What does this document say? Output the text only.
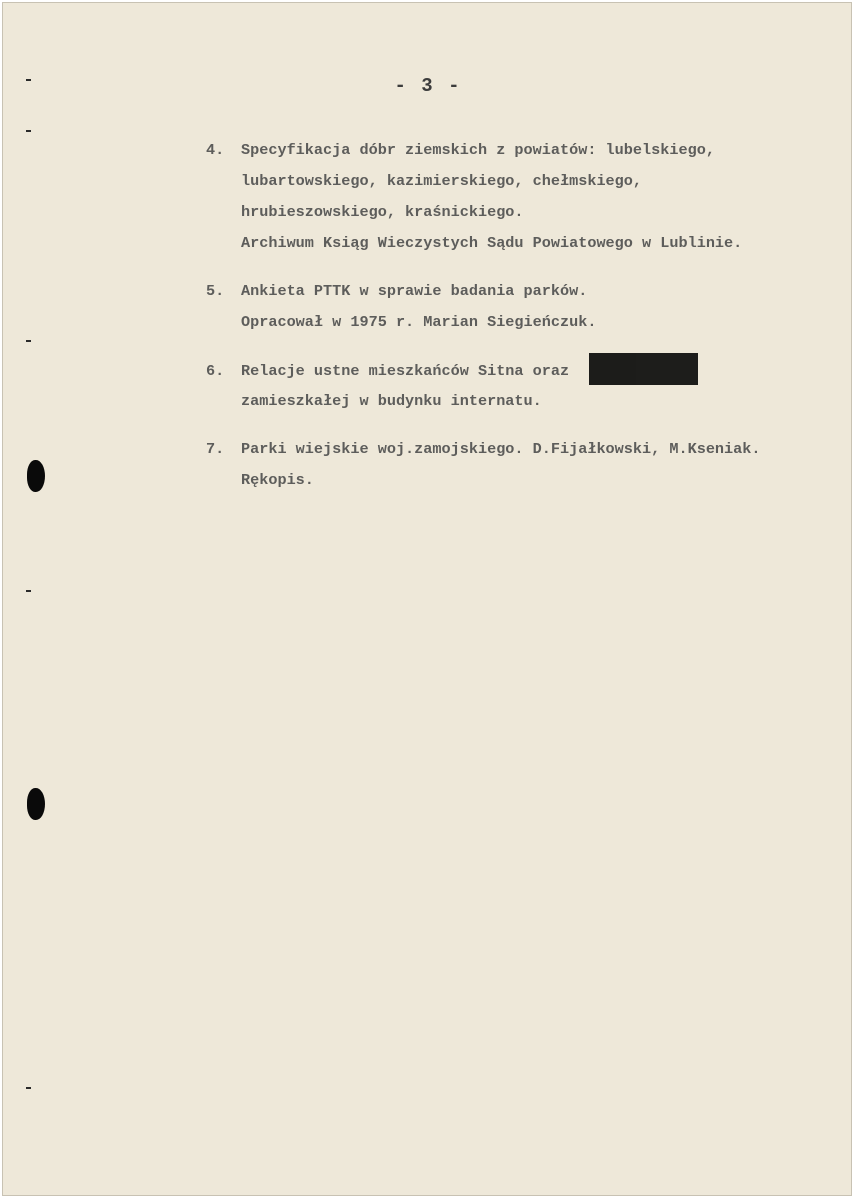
- 3 -
4. Specyfikacja dóbr ziemskich z powiatów: lubelskiego,
lubartowskiego, kazimierskiego, chełmskiego,
hrubieszowskiego, kraśnickiego.
Archiwum Ksiąg Wieczystych Sądu Powiatowego w Lublinie.
5. Ankieta PTTK w sprawie badania parków.
Opracował w 1975 r. Marian Siegieńczuk.
6. Relacje ustne mieszkańców Sitna oraz
zamieszkałej w budynku internatu.
7. Parki wiejskie woj.zamojskiego. D.Fijałkowski, M.Kseniak.
Rękopis.
